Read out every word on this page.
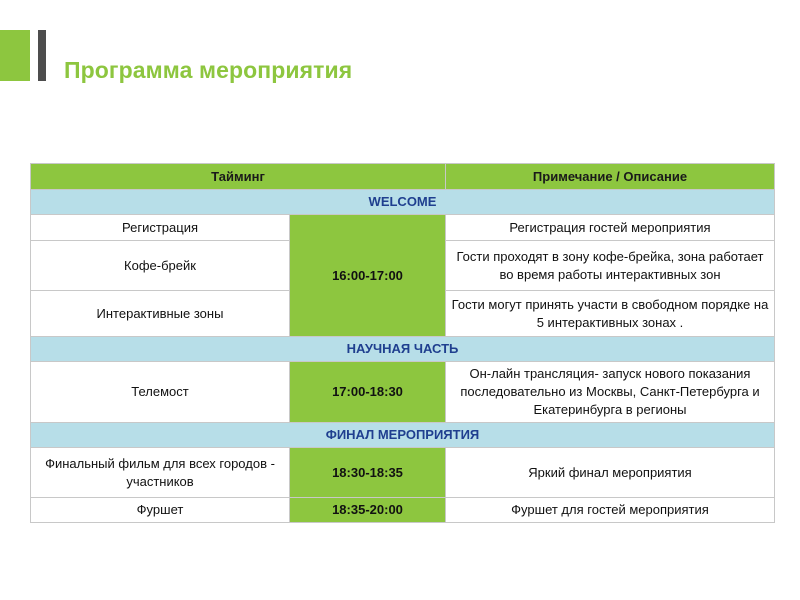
Программа мероприятия
Тайминг		Примечание / Описание
WELCOME		
Регистрация	16:00-17:00	Регистрация гостей мероприятия
Кофе-брейк		Гости проходят в зону кофе-брейка, зона работает во время работы интерактивных зон
Интерактивные зоны		Гости могут принять участи в свободном порядке на 5 интерактивных зонах .
НАУЧНАЯ ЧАСТЬ		
Телемост	17:00-18:30	Он-лайн трансляция- запуск нового показания последовательно из Москвы, Санкт-Петербурга и Екатеринбурга в регионы
ФИНАЛ МЕРОПРИЯТИЯ		
Финальный фильм для всех городов - участников	18:30-18:35	Яркий финал мероприятия
Фуршет	18:35-20:00	Фуршет для гостей мероприятия
